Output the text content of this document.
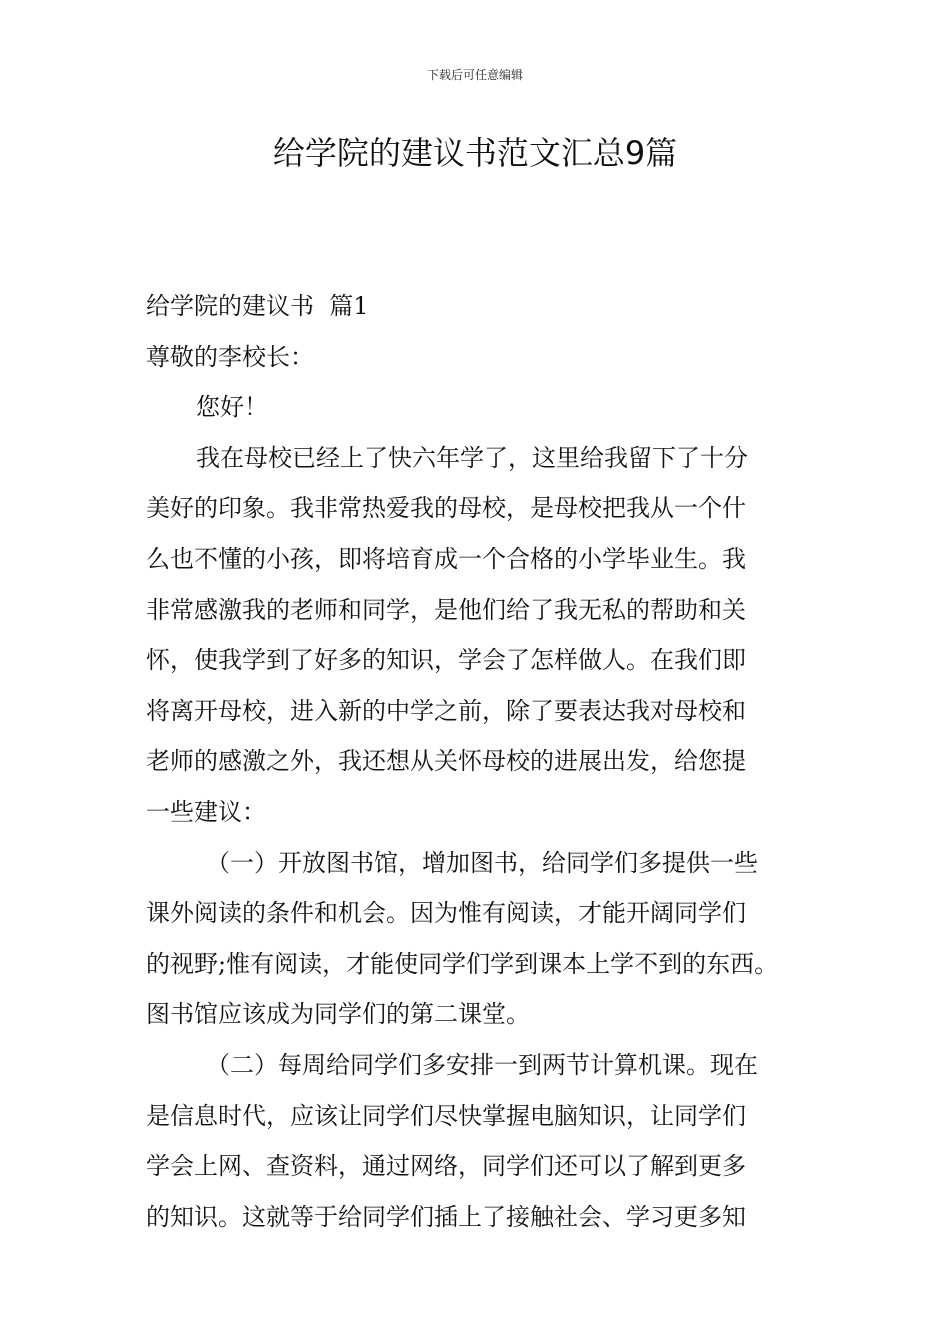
下载后可任意编辑
给学院的建议书范文汇总9篇
给学院的建议书  篇1
尊敬的李校长：
您好！
我在母校已经上了快六年学了，这里给我留下了十分
美好的印象。我非常热爱我的母校，是母校把我从一个什
么也不懂的小孩，即将培育成一个合格的小学毕业生。我
非常感激我的老师和同学，是他们给了我无私的帮助和关
怀，使我学到了好多的知识，学会了怎样做人。在我们即
将离开母校，进入新的中学之前，除了要表达我对母校和
老师的感激之外，我还想从关怀母校的进展出发，给您提
一些建议：
（一）开放图书馆，增加图书，给同学们多提供一些
课外阅读的条件和机会。因为惟有阅读，才能开阔同学们
的视野;惟有阅读，才能使同学们学到课本上学不到的东西。
图书馆应该成为同学们的第二课堂。
（二）每周给同学们多安排一到两节计算机课。现在
是信息时代，应该让同学们尽快掌握电脑知识，让同学们
学会上网、查资料，通过网络，同学们还可以了解到更多
的知识。这就等于给同学们插上了接触社会、学习更多知
